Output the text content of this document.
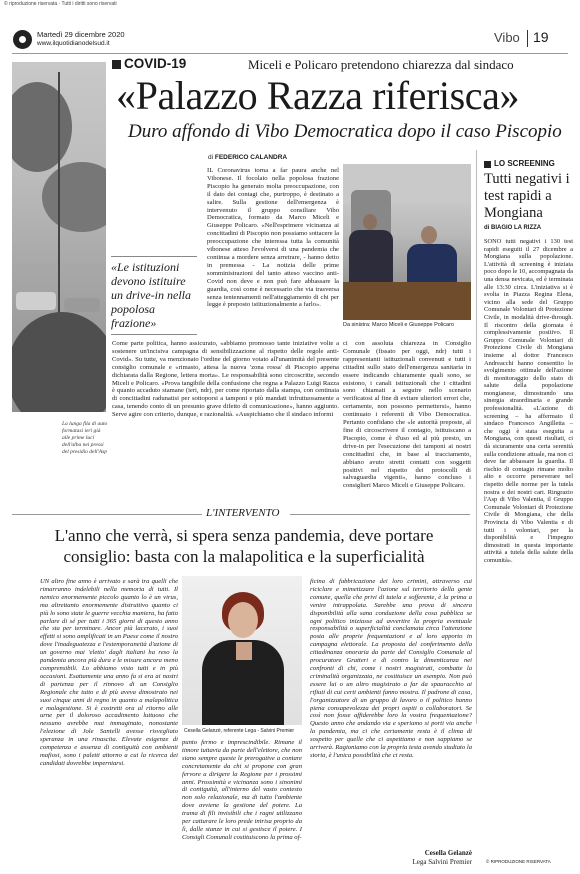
© riproduzione riservata · Tutti i diritti sono riservati
Martedì 29 dicembre 2020
www.ilquotidianodelsud.it	Vibo 19
COVID-19	Miceli e Policaro pretendono chiarezza dal sindaco
«Palazzo Razza riferisca»
Duro affondo di Vibo Democratica dopo il caso Piscopio
di FEDERICO CALANDRA
La lunga fila di auto formatasi ieri già alle prime luci dell'alba nei pressi del presidio dell'Asp
«Le istituzioni devono istituire un drive-in nella popolosa frazione»

IL Coronavirus torna a far paura anche nel Vibonese. Il focolaio nella popolosa frazione Piscopio ha generato molta preoccupazione, con il dato dei contagi che, purtroppo, è destinato a salire. Sulla gestione dell'emergenza è intervenuto il gruppo consiliare Vibo Democratica, formato da Marco Miceli e Giuseppe Policaro. «Nell'esprimere vicinanza ai concittadini di Piscopio non possiamo sottacere la preoccupazione che interessa tutta la comunità vibonese atteso l'evolversi di una pandemia che

continua a mordere senza arretrare, - hanno detto in premessa - La notizia delle prime somministrazioni del tanto atteso vaccino anti-Covid non deve e non può fare abbassare la guardia, così come è necessario che via trasversa senza tentennamenti nell'atteggiamento di chi per legge è preposto istituzionalmente a farlo».

Come parte politica, hanno assicurato, «abbiamo promosso tante iniziative volte a sostenere un'incisiva campagna di sensibilizzazione al rispetto delle regole anti-Covid». Su tutte, va menzionato l'ordine del giorno votato all'unanimità del presente consiglio comunale e «rimasto, attesa la nuova 'zona rossa' di Piscopio appena dichiarata dalla Regione, lettera morta». Le responsabilità sono circoscritte, secondo Miceli e Policaro. «Prova tangibile della confusione che regna a Palazzo Luigi Razza è quanto accaduto stamane (ieri, ndr), per come riportato dalla stampa, con centinaia di concittadini radunatisi per sottoporsi a tamponi e più mandati infruttuosamente a casa, tenendo conto di un presunto grave difetto di comunicazione», hanno aggiunto. Serve agire con criterio, dunque, e razionalità. «Auspichiamo che il sindaco informi

Da sinistra: Marco Miceli e Giuseppe Policaro

ci con assoluta chiarezza in Consiglio Comunale (fissato per oggi, ndr) tutti i rappresentanti istituzionali convenuti e tutti i cittadini sullo stato dell'emergenza sanitaria in essere indicando chiaramente quali sono, se esistono, i canali istituzionali che i cittadini sono chiamati a seguire nello scenario verificatosi al fine di evitare ulteriori errori che, certamente, non possono permettersi», hanno continuato i referenti di Vibo Democratica. Pertanto confidano che «le autorità preposte, al fine di circoscrivere il contagio, istituiscano a Piscopio, come è d'uso ed al più presto, un drive-in per l'esecuzione dei tamponi ai nostri concittadini che, in base al tracciamento, abbiano avuto stretti contatti con soggetti positivi nel rispetto dei protocolli di salvaguardia vigenti», hanno concluso i consiglieri Marco Miceli e Giuseppe Policaro.

LO SCREENING
Tutti negativi i test rapidi a Mongiana
di BIAGIO LA RIZZA

SONO tutti negativi i 130 test rapidi eseguiti il 27 dicembre a Mongiana sulla popolazione. L'attività di screening è iniziata poco dopo le 10, accompagnata da una densa nevicata, ed è terminata alle 13:30 circa. L'iniziativa si è svolta in Piazza Regina Elena, vicino alla sede del Gruppo Comunale Volontari di Protezione Civile, in modalità drive-through. Il riscontro della giornata è complessivamente positivo. Il Gruppo Comunale Volontari di Protezione Civile di Mongiana insieme al dottor Francesco Andreacchi hanno consentito lo svolgimento ottimale dell'azione di monitoraggio dello stato di salute della popolazione mongianese, dimostrando una sinergia straordinaria e grande professionalità. «L'azione di screening – ha affermato il sindaco Francesco Angilletta – che oggi è stata eseguita a Mongiana, con questi risultati, ci dà sicuramente una certa serenità sulla condizione attuale, ma non ci deve far abbassare la guardia. Il rischio di contagio rimane molto alto e occorre perseverare nel rispetto delle norme per la tutela nostra e dei nostri cari. Ringrazio l'Asp di Vibo Valentia, il Gruppo Comunale Volontari di Protezione Civile di Mongiana, che della Provincia di Vibo Valentia e di tutti i volontari, per la disponibilità e l'impegno dimostrati in questa importante attività a tutela della salute della comunità».

© RIPRODUZIONE RISERVATA
L'INTERVENTO
L'anno che verrà, si spera senza pandemia, deve portare consiglio: basta con la malapolitica e la superficialità

UN altro fine anno è arrivato e sarà tra quelli che rimarranno indelebili nella memoria di tutti. Il nemico enormemente piccolo quanto lo è un virus, ma altrettanto enormemente distruttivo quanto ci più lo sono state le guerre vecchia maniera, ha fatto parlare di sé per tutti i 365 giorni di questo anno che sta per terminare. Ancor più lacerato, i suoi effetti si sono amplificati in un Paese come il nostro dove l'inadeguatezza e l'estemporaneità d'azione di un governo mai 'eletto' dagli italiani ha reso la pandemia ancora più dura e le misure ancora meno comprensibili. Lo abbiamo visto tutti e in più occasioni. Esattamente una anno fa si era ai nastri di partenza per il rinnovo di un Consiglio Regionale che tutto e di più aveva dimostrato nei suoi cinque anni di regno in quanto a malapolitica e malagestione. Si è costretti ora al ritorno alle urne per il doloroso accadimento luttuoso che nessuno avrebbe mai immaginato, nonostante l'elezione di Jole Santelli avesse risvegliato speranza in una rinascita. Elevate esigenze di competenza e assenza di contiguità con ambienti mafiosi, sono i paletti attorno a cui la ricerca dei candidati dovrebbe imperniarsi.

Cesella Gelanzè, referente Lega - Salvini Premier

punto fermo e imprescindibile. Rimane il timore tuttavia da parte dell'elettore, che non siano sempre queste le prerogative a contare concretamente da chi si propone con gran fervore a dirigere la Regione per i prossimi anni. Prossimità e vicinanza sono i sinonimi di contiguità, all'interno del vasto contesto non solo relazionale, ma di tutto l'ambiente dove avviene la gestione del potere. La trama di fili invisibili che i ragni utilizzano per catturare le loro prede intrisa proprio da lì, dalle stanze in cui si gestisce il potere. I Consigli Comunali costituiscono la prima of-

ficina di fabbricazione dei loro crimini, attraverso cui riciclare e mimetizzare l'azione sul territorio della gente comune, quella che privi di tutela e sofferente, è la prima a venire intrappolata. Sarebbe una prova di sincera disponibilità alla sana conduzione della cosa pubblica se ogni politico iniziasse ad avvertire la propria eventuale responsabilità o superficialità conclamata circa l'attenzione posta alle proprie frequentazioni e al loro apporto in campagna elettorale. La proposta del conferimento della cittadinanza onoraria da parte del Consiglio Comunale al procuratore Gratteri e di contro la dimenticanza nei confronti di chi, come i nostri magistrati, combatte la criminalità organizzata, ne costituisce un esempio. Non può essere lui o un altro magistrato a far da spauracchio ai rifiuti di cui certi ambienti fanno mostra. Il padrone di casa, l'organizzatore di un gruppo di lavoro o il politico hanno piena consapevolezza dei propri ospiti o collaboratori. Se così non fosse affiderebbe loro la vostra frequentazione? Questo anno che andando via e speriamo si porti via anche la pandemia, ma ci che certamente resta è il clima di sospetto per quelle che ci aspettiamo e non sappiamo se arriverà. Ragioniamo con la propria testa avendo studiato la storia, è l'unica possibilità che ci resta.

Cesella Gelanzè
Lega Salvini Premier
